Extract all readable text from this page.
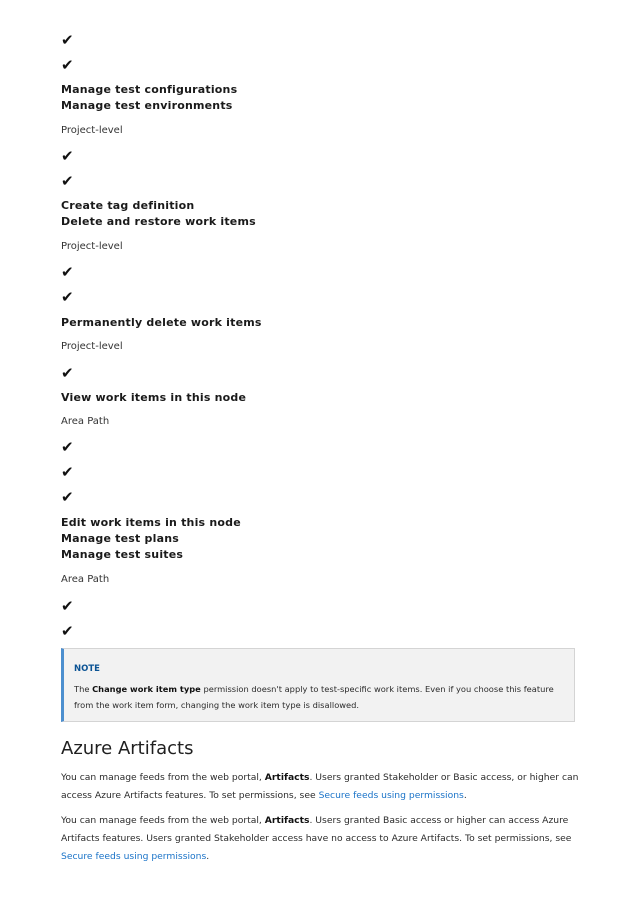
✔
✔
Manage test configurations
Manage test environments
Project-level
✔
✔
Create tag definition
Delete and restore work items
Project-level
✔
✔
Permanently delete work items
Project-level
✔
View work items in this node
Area Path
✔
✔
✔
Edit work items in this node
Manage test plans
Manage test suites
Area Path
✔
✔
NOTE
The Change work item type permission doesn't apply to test-specific work items. Even if you choose this feature from the work item form, changing the work item type is disallowed.
Azure Artifacts
You can manage feeds from the web portal, Artifacts. Users granted Stakeholder or Basic access, or higher can access Azure Artifacts features. To set permissions, see Secure feeds using permissions.
You can manage feeds from the web portal, Artifacts. Users granted Basic access or higher can access Azure Artifacts features. Users granted Stakeholder access have no access to Azure Artifacts. To set permissions, see Secure feeds using permissions.
